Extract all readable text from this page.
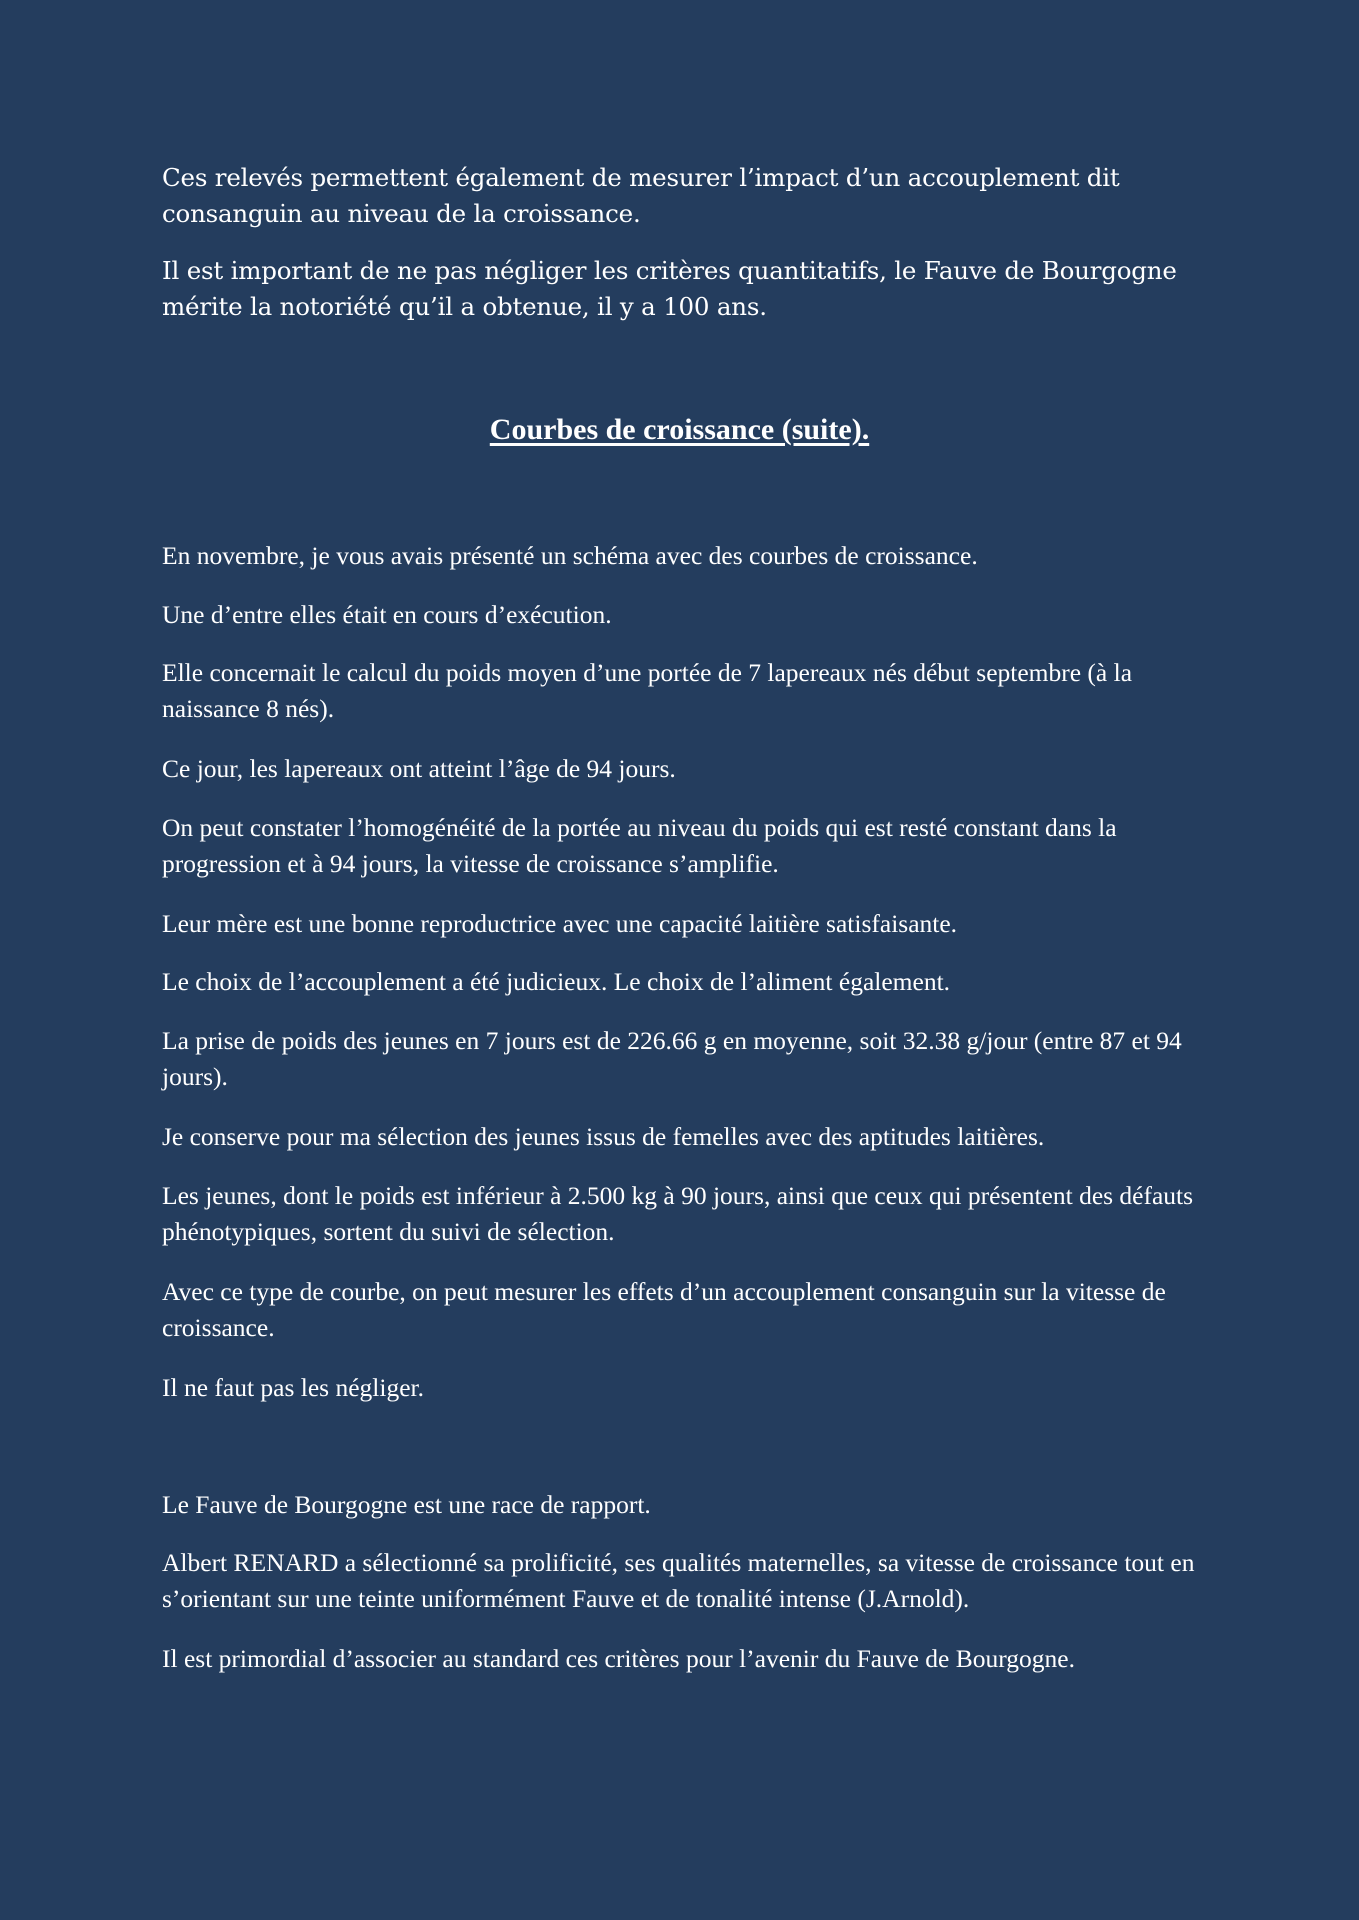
Ces relevés permettent également de mesurer l’impact d’un accouplement dit consanguin au niveau de la croissance.

Il est important de ne pas négliger les critères quantitatifs, le Fauve de Bourgogne mérite la notoriété qu’il a obtenue, il y a 100 ans.

Courbes de croissance (suite).

En novembre, je vous avais présenté un schéma avec des courbes de croissance.

Une d’entre elles était en cours d’exécution.

Elle concernait le calcul du poids moyen d’une portée de 7 lapereaux nés début septembre (à la naissance 8 nés).

Ce jour, les lapereaux ont atteint l’âge de 94 jours.

On peut constater l’homogénéité de la portée au niveau du poids qui est resté constant dans la progression et à 94 jours, la vitesse de croissance s’amplifie.

Leur mère est une bonne reproductrice avec une capacité laitière satisfaisante.

Le choix de l’accouplement a été judicieux. Le choix de l’aliment également.

La prise de poids des jeunes en 7 jours est de 226.66 g en moyenne, soit 32.38 g/jour (entre 87 et 94 jours).

Je conserve pour ma sélection des jeunes issus de femelles avec des aptitudes laitières.

Les jeunes, dont le poids est inférieur à 2.500 kg à 90 jours, ainsi que ceux qui présentent des défauts phénotypiques, sortent du suivi de sélection.

Avec ce type de courbe, on peut mesurer les effets d’un accouplement consanguin sur la vitesse de croissance.

Il ne faut pas les négliger.

Le Fauve de Bourgogne est une race de rapport.

Albert RENARD a sélectionné sa prolificité, ses qualités maternelles, sa vitesse de croissance tout en s’orientant sur une teinte uniformément Fauve et de tonalité intense (J.Arnold).

Il est primordial d’associer au standard ces critères pour l’avenir du Fauve de Bourgogne.
